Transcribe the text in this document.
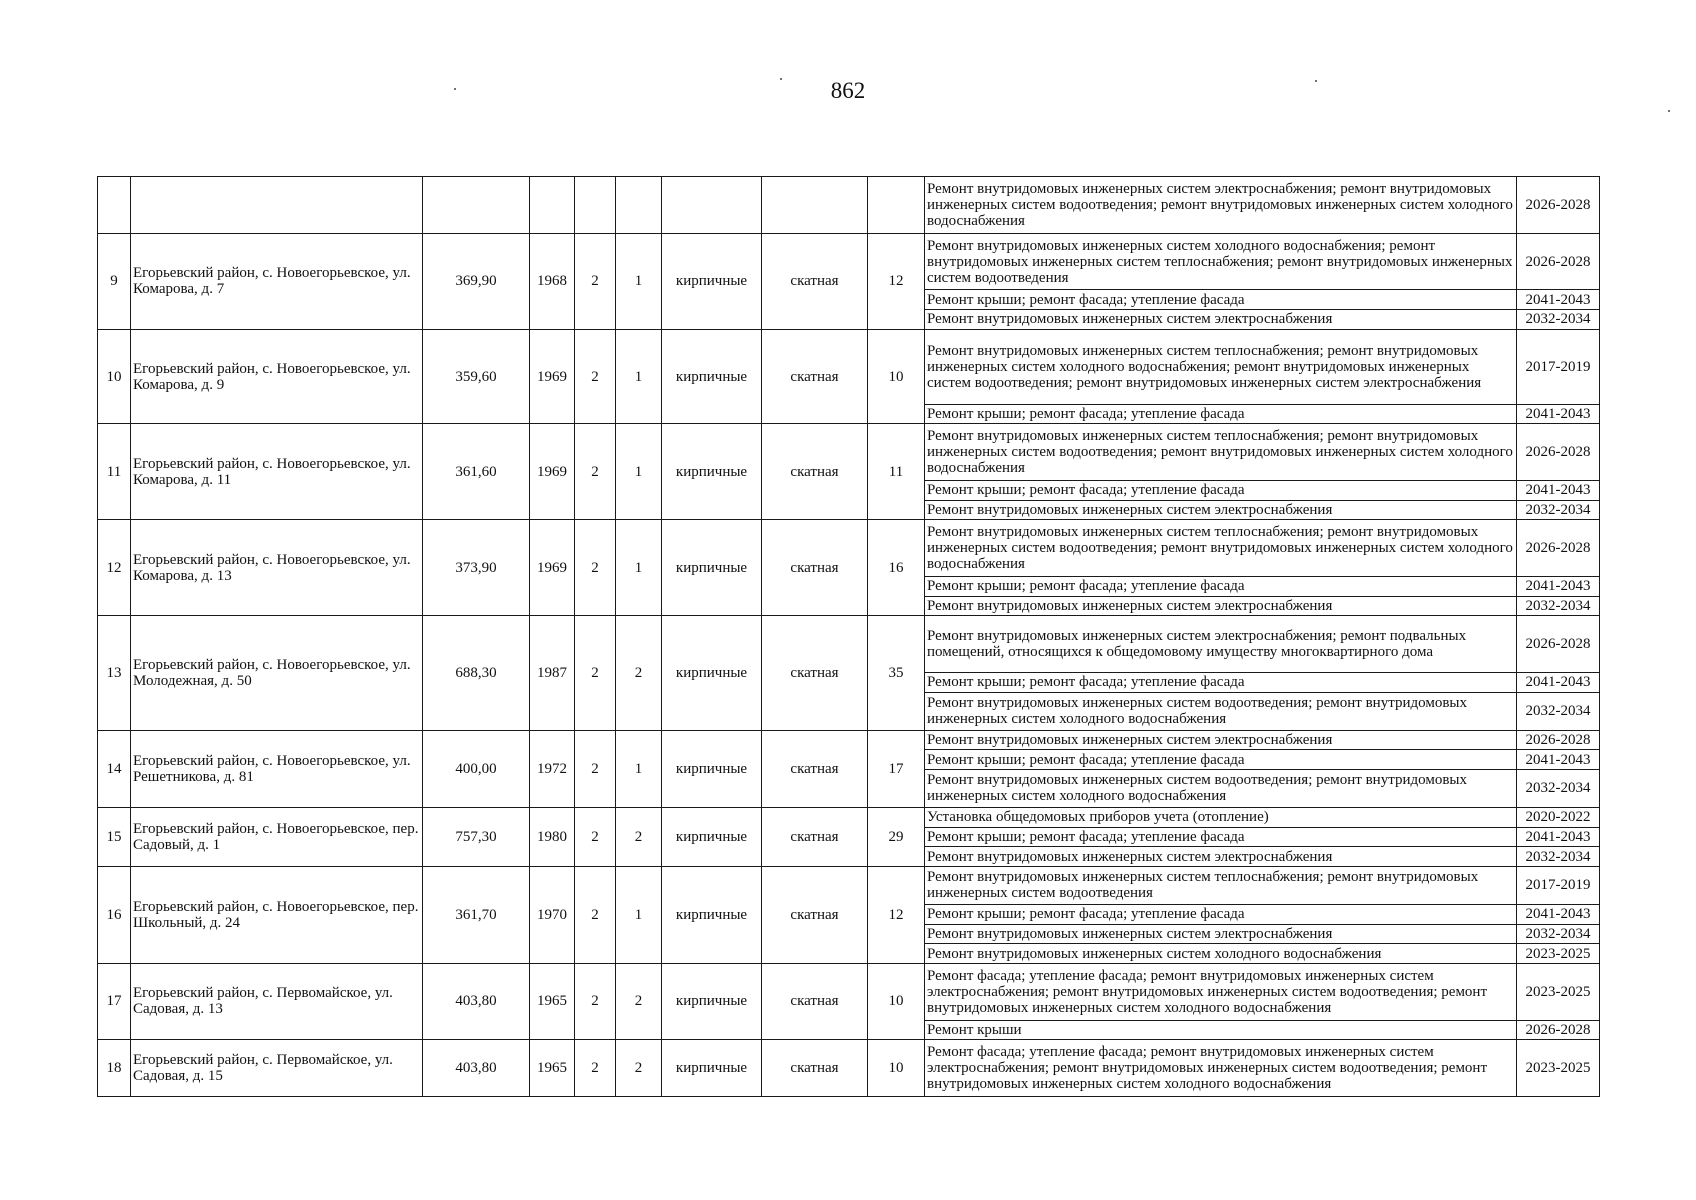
862
									Ремонт внутридомовых инженерных систем электроснабжения; ремонт внутридомовых инженерных систем водоотведения; ремонт внутридомовых инженерных систем холодного водоснабжения	2026-2028
9	Егорьевский район, с. Новоегорьевское, ул. Комарова, д. 7	369,90	1968	2	1	кирпичные	скатная	12	Ремонт внутридомовых инженерных систем холодного водоснабжения; ремонт внутридомовых инженерных систем теплоснабжения; ремонт внутридомовых инженерных систем водоотведения	2026-2028
									Ремонт крыши; ремонт фасада; утепление фасада	2041-2043
									Ремонт внутридомовых инженерных систем электроснабжения	2032-2034
10	Егорьевский район, с. Новоегорьевское, ул. Комарова, д. 9	359,60	1969	2	1	кирпичные	скатная	10	Ремонт внутридомовых инженерных систем теплоснабжения; ремонт внутридомовых инженерных систем холодного водоснабжения; ремонт внутридомовых инженерных систем водоотведения; ремонт внутридомовых инженерных систем электроснабжения	2017-2019
									Ремонт крыши; ремонт фасада; утепление фасада	2041-2043
11	Егорьевский район, с. Новоегорьевское, ул. Комарова, д. 11	361,60	1969	2	1	кирпичные	скатная	11	Ремонт внутридомовых инженерных систем теплоснабжения; ремонт внутридомовых инженерных систем водоотведения; ремонт внутридомовых инженерных систем холодного водоснабжения	2026-2028
									Ремонт крыши; ремонт фасада; утепление фасада	2041-2043
									Ремонт внутридомовых инженерных систем электроснабжения	2032-2034
12	Егорьевский район, с. Новоегорьевское, ул. Комарова, д. 13	373,90	1969	2	1	кирпичные	скатная	16	Ремонт внутридомовых инженерных систем теплоснабжения; ремонт внутридомовых инженерных систем водоотведения; ремонт внутридомовых инженерных систем холодного водоснабжения	2026-2028
									Ремонт крыши; ремонт фасада; утепление фасада	2041-2043
									Ремонт внутридомовых инженерных систем электроснабжения	2032-2034
13	Егорьевский район, с. Новоегорьевское, ул. Молодежная, д. 50	688,30	1987	2	2	кирпичные	скатная	35	Ремонт внутридомовых инженерных систем электроснабжения; ремонт подвальных помещений, относящихся к общедомовому имуществу многоквартирного дома	2026-2028
									Ремонт крыши; ремонт фасада; утепление фасада	2041-2043
									Ремонт внутридомовых инженерных систем водоотведения; ремонт внутридомовых инженерных систем холодного водоснабжения	2032-2034
14	Егорьевский район, с. Новоегорьевское, ул. Решетникова, д. 81	400,00	1972	2	1	кирпичные	скатная	17	Ремонт внутридомовых инженерных систем электроснабжения	2026-2028
									Ремонт крыши; ремонт фасада; утепление фасада	2041-2043
									Ремонт внутридомовых инженерных систем водоотведения; ремонт внутридомовых инженерных систем холодного водоснабжения	2032-2034
15	Егорьевский район, с. Новоегорьевское, пер. Садовый, д. 1	757,30	1980	2	2	кирпичные	скатная	29	Установка общедомовых приборов учета (отопление)	2020-2022
									Ремонт крыши; ремонт фасада; утепление фасада	2041-2043
									Ремонт внутридомовых инженерных систем электроснабжения	2032-2034
16	Егорьевский район, с. Новоегорьевское, пер. Школьный, д. 24	361,70	1970	2	1	кирпичные	скатная	12	Ремонт внутридомовых инженерных систем теплоснабжения; ремонт внутридомовых инженерных систем водоотведения	2017-2019
									Ремонт крыши; ремонт фасада; утепление фасада	2041-2043
									Ремонт внутридомовых инженерных систем электроснабжения	2032-2034
									Ремонт внутридомовых инженерных систем холодного водоснабжения	2023-2025
17	Егорьевский район, с. Первомайское, ул. Садовая, д. 13	403,80	1965	2	2	кирпичные	скатная	10	Ремонт фасада; утепление фасада; ремонт внутридомовых инженерных систем электроснабжения; ремонт внутридомовых инженерных систем водоотведения; ремонт внутридомовых инженерных систем холодного водоснабжения	2023-2025
									Ремонт крыши	2026-2028
18	Егорьевский район, с. Первомайское, ул. Садовая, д. 15	403,80	1965	2	2	кирпичные	скатная	10	Ремонт фасада; утепление фасада; ремонт внутридомовых инженерных систем электроснабжения; ремонт внутридомовых инженерных систем водоотведения; ремонт внутридомовых инженерных систем холодного водоснабжения	2023-2025
